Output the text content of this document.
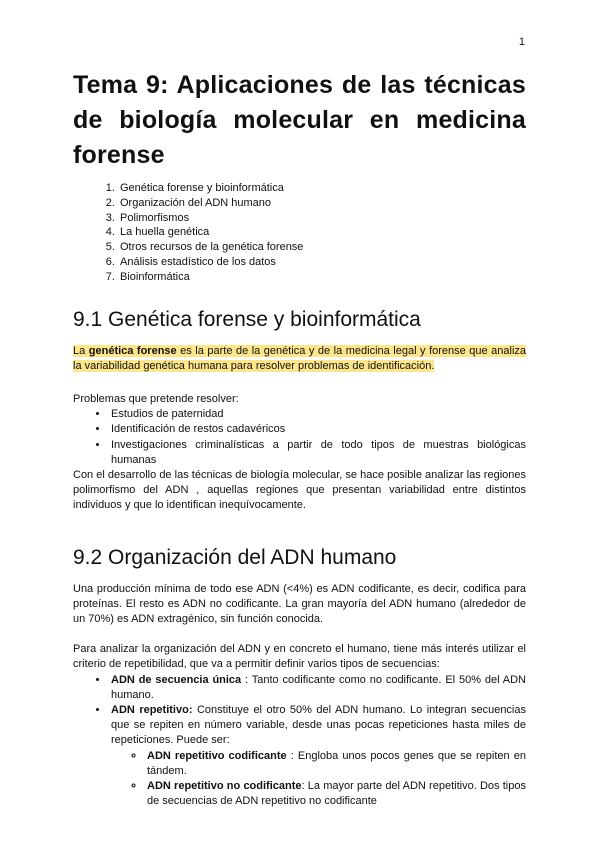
1
Tema 9: Aplicaciones de las técnicas de biología molecular en medicina forense
1. Genética forense y bioinformática
2. Organización del ADN humano
3. Polimorfismos
4. La huella genética
5. Otros recursos de la genética forense
6. Análisis estadístico de los datos
7. Bioinformática
9.1 Genética forense y bioinformática

La genética forense es la parte de la genética y de la medicina legal y forense que analiza la variabilidad genética humana para resolver problemas de identificación.

Problemas que pretende resolver:

• Estudios de paternidad
• Identificación de restos cadavéricos
• Investigaciones criminalísticas a partir de todo tipos de muestras biológicas humanas

Con el desarrollo de las técnicas de biología molecular, se hace posible analizar las regiones polimorfismo del ADN , aquellas regiones que presentan variabilidad entre distintos individuos y que lo identifican inequívocamente.

9.2 Organización del ADN humano

Una producción mínima de todo ese ADN (<4%) es ADN codificante, es decir, codifica para proteínas. El resto es ADN no codificante. La gran mayoría del ADN humano (alrededor de un 70%) es ADN extragénico, sin función conocida.

Para analizar la organización del ADN y en concreto el humano, tiene más interés utilizar el criterio de repetibilidad, que va a permitir definir varios tipos de secuencias:

• ADN de secuencia única : Tanto codificante como no codificante. El 50% del ADN humano.
• ADN repetitivo: Constituye el otro 50% del ADN humano. Lo integran secuencias que se repiten en número variable, desde unas pocas repeticiones hasta miles de repeticiones. Puede ser:
◦ ADN repetitivo codificante : Engloba unos pocos genes que se repiten en tándem.
◦ ADN repetitivo no codificante: La mayor parte del ADN repetitivo. Dos tipos de secuencias de ADN repetitivo no codificante
